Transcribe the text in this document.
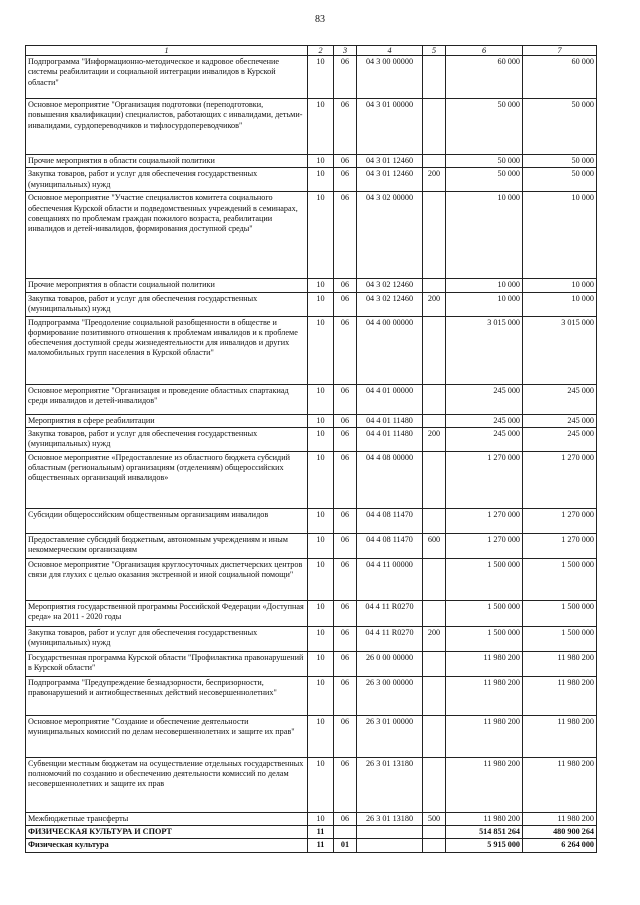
83
1	2	3	4	5	6	7
Подпрограмма "Информационно-методическое и кадровое обеспечение системы реабилитации и социальной интеграции инвалидов в Курской области"	10	06	04 3 00 00000		60 000	60 000
Основное мероприятие "Организация подготовки (переподготовки, повышения квалификации) специалистов, работающих с инвалидами, детьми-инвалидами, сурдопереводчиков и тифлосурдопереводчиков"	10	06	04 3 01 00000		50 000	50 000
Прочие мероприятия в области социальной политики	10	06	04 3 01 12460		50 000	50 000
Закупка товаров, работ и услуг для обеспечения государственных (муниципальных) нужд	10	06	04 3 01 12460	200	50 000	50 000
Основное мероприятие "Участие специалистов комитета социального обеспечения Курской области и подведомственных учреждений в семинарах, совещаниях по проблемам граждан пожилого возраста, реабилитации инвалидов и детей-инвалидов, формирования доступной среды"	10	06	04 3 02 00000		10 000	10 000
Прочие мероприятия в области социальной политики	10	06	04 3 02 12460		10 000	10 000
Закупка товаров, работ и услуг для обеспечения государственных (муниципальных) нужд	10	06	04 3 02 12460	200	10 000	10 000
Подпрограмма "Преодоление социальной разобщенности в обществе и формирование позитивного отношения к проблемам инвалидов и к проблеме обеспечения доступной среды жизнедеятельности для инвалидов и других маломобильных групп населения в Курской области"	10	06	04 4 00 00000		3 015 000	3 015 000
Основное мероприятие "Организация и проведение областных спартакиад среди инвалидов и детей-инвалидов"	10	06	04 4 01 00000		245 000	245 000
Мероприятия в сфере реабилитации	10	06	04 4 01 11480		245 000	245 000
Закупка товаров, работ и услуг для обеспечения государственных (муниципальных) нужд	10	06	04 4 01 11480	200	245 000	245 000
Основное мероприятие «Предоставление из областного бюджета субсидий областным (региональным) организациям (отделениям) общероссийских общественных организаций инвалидов»	10	06	04 4 08 00000		1 270 000	1 270 000
Субсидии общероссийским общественным организациям инвалидов	10	06	04 4 08 11470		1 270 000	1 270 000
Предоставление субсидий бюджетным, автономным учреждениям и иным некоммерческим организациям	10	06	04 4 08 11470	600	1 270 000	1 270 000
Основное мероприятие "Организация круглосуточных диспетчерских центров связи для глухих с целью оказания экстренной и иной социальной помощи"	10	06	04 4 11 00000		1 500 000	1 500 000
Мероприятия государственной программы Российской Федерации «Доступная среда» на 2011 - 2020 годы	10	06	04 4 11 R0270		1 500 000	1 500 000
Закупка товаров, работ и услуг для обеспечения государственных (муниципальных) нужд	10	06	04 4 11 R0270	200	1 500 000	1 500 000
Государственная программа Курской области "Профилактика правонарушений в Курской области"	10	06	26 0 00 00000		11 980 200	11 980 200
Подпрограмма "Предупреждение безнадзорности, беспризорности, правонарушений и антиобщественных действий несовершеннолетних"	10	06	26 3 00 00000		11 980 200	11 980 200
Основное мероприятие "Создание и обеспечение деятельности муниципальных комиссий по делам несовершеннолетних и защите их прав"	10	06	26 3 01 00000		11 980 200	11 980 200
Субвенции местным бюджетам на осуществление отдельных государственных полномочий по созданию и обеспечению деятельности комиссий по делам несовершеннолетних и защите их прав	10	06	26 3 01 13180		11 980 200	11 980 200
Межбюджетные трансферты	10	06	26 3 01 13180	500	11 980 200	11 980 200
ФИЗИЧЕСКАЯ КУЛЬТУРА И СПОРТ	11				514 851 264	480 900 264
Физическая культура	11	01			5 915 000	6 264 000
